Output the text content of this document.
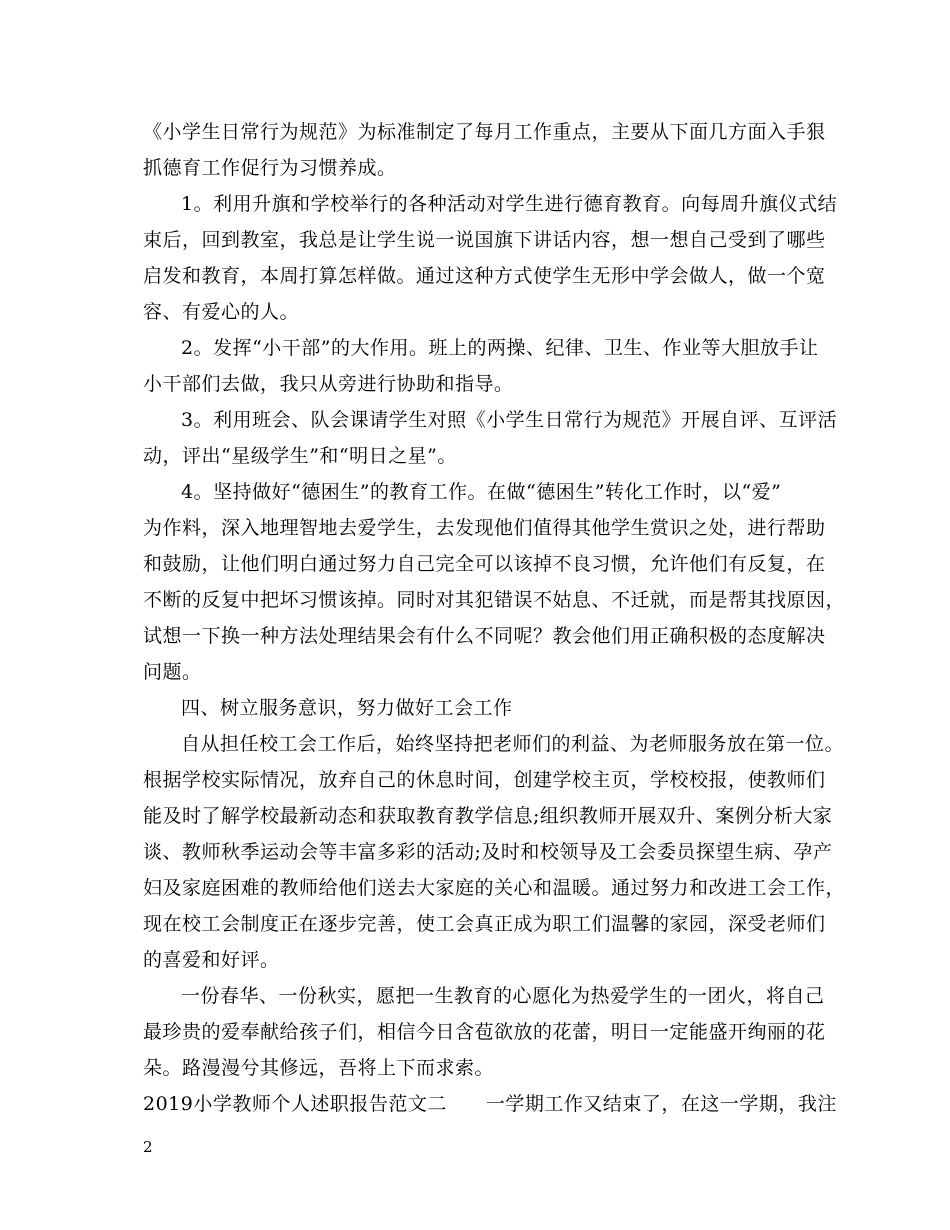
《小学生日常行为规范》为标准制定了每月工作重点，主要从下面几方面入手狠
抓德育工作促行为习惯养成。
1。利用升旗和学校举行的各种活动对学生进行德育教育。向每周升旗仪式结
束后，回到教室，我总是让学生说一说国旗下讲话内容，想一想自己受到了哪些
启发和教育，本周打算怎样做。通过这种方式使学生无形中学会做人，做一个宽
容、有爱心的人。
2。发挥“小干部”的大作用。班上的两操、纪律、卫生、作业等大胆放手让
小干部们去做，我只从旁进行协助和指导。
3。利用班会、队会课请学生对照《小学生日常行为规范》开展自评、互评活
动，评出“星级学生”和“明日之星”。
4。坚持做好“德困生”的教育工作。在做“德困生”转化工作时，以“爱”
为作料，深入地理智地去爱学生，去发现他们值得其他学生赏识之处，进行帮助
和鼓励，让他们明白通过努力自己完全可以该掉不良习惯，允许他们有反复，在
不断的反复中把坏习惯该掉。同时对其犯错误不姑息、不迁就，而是帮其找原因，
试想一下换一种方法处理结果会有什么不同呢？教会他们用正确积极的态度解决
问题。
四、树立服务意识，努力做好工会工作
自从担任校工会工作后，始终坚持把老师们的利益、为老师服务放在第一位。
根据学校实际情况，放弃自己的休息时间，创建学校主页，学校校报，使教师们
能及时了解学校最新动态和获取教育教学信息;组织教师开展双升、案例分析大家
谈、教师秋季运动会等丰富多彩的活动;及时和校领导及工会委员探望生病、孕产
妇及家庭困难的教师给他们送去大家庭的关心和温暖。通过努力和改进工会工作，
现在校工会制度正在逐步完善，使工会真正成为职工们温馨的家园，深受老师们
的喜爱和好评。
一份春华、一份秋实，愿把一生教育的心愿化为热爱学生的一团火，将自己
最珍贵的爱奉献给孩子们，相信今日含苞欲放的花蕾，明日一定能盛开绚丽的花
朵。路漫漫兮其修远，吾将上下而求索。
2019小学教师个人述职报告范文二　　一学期工作又结束了，在这一学期，我注
2
